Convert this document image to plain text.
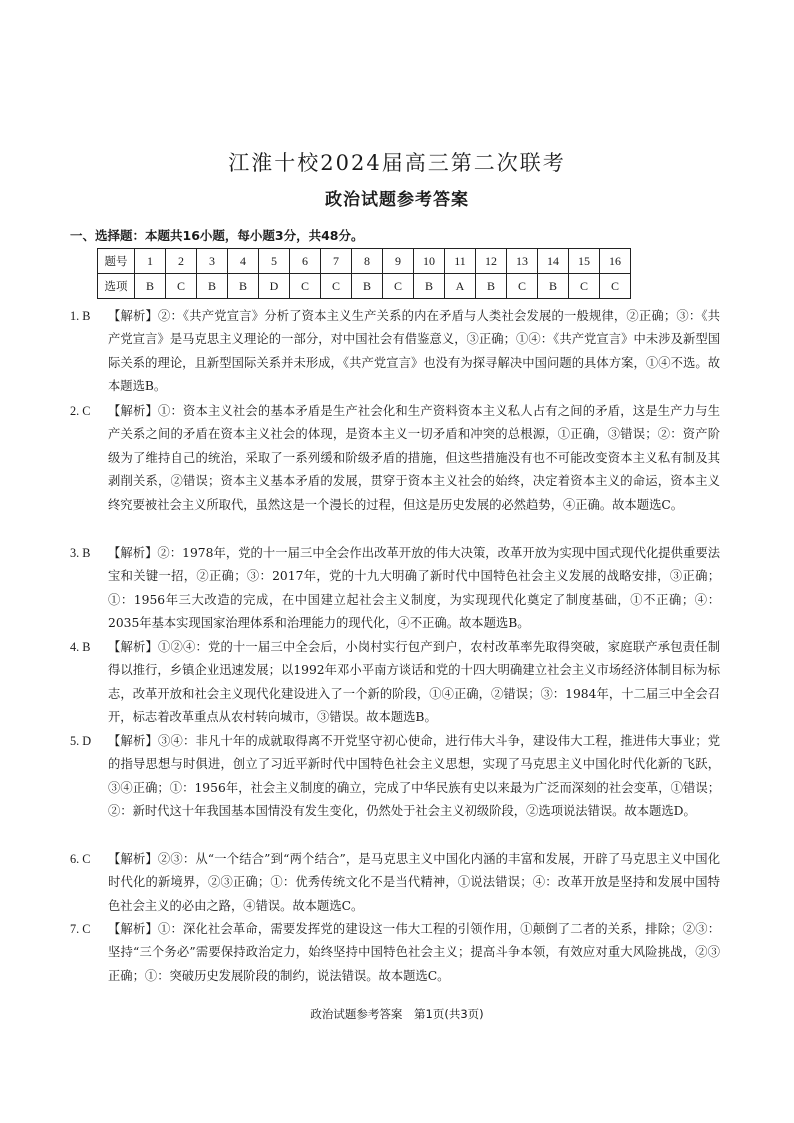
江淮十校2024届高三第二次联考
政治试题参考答案
一、选择题：本题共16小题，每小题3分，共48分。
题号	1	2	3	4	5	6	7	8	9	10	11	12	13	14	15	16
选项	B	C	B	B	D	C	C	B	C	B	A	B	C	B	C	C
1. B	【解析】②：《共产党宣言》分析了资本主义生产关系的内在矛盾与人类社会发展的一般规律，②正确；③：《共产党宣言》是马克思主义理论的一部分，对中国社会有借鉴意义，③正确；①④：《共产党宣言》中未涉及新型国际关系的理论，且新型国际关系并未形成，《共产党宣言》也没有为探寻解决中国问题的具体方案，①④不选。故本题选B。
2. C	【解析】①：资本主义社会的基本矛盾是生产社会化和生产资料资本主义私人占有之间的矛盾，这是生产力与生产关系之间的矛盾在资本主义社会的体现，是资本主义一切矛盾和冲突的总根源，①正确，③错误；②：资产阶级为了维持自己的统治，采取了一系列缓和阶级矛盾的措施，但这些措施没有也不可能改变资本主义私有制及其剥削关系，②错误；资本主义基本矛盾的发展，贯穿于资本主义社会的始终，决定着资本主义的命运，资本主义终究要被社会主义所取代，虽然这是一个漫长的过程，但这是历史发展的必然趋势，④正确。故本题选C。
3. B	【解析】②：1978年，党的十一届三中全会作出改革开放的伟大决策，改革开放为实现中国式现代化提供重要法宝和关键一招，②正确；③：2017年，党的十九大明确了新时代中国特色社会主义发展的战略安排，③正确；①：1956年三大改造的完成，在中国建立起社会主义制度，为实现现代化奠定了制度基础，①不正确；④：2035年基本实现国家治理体系和治理能力的现代化，④不正确。故本题选B。
4. B	【解析】①②④：党的十一届三中全会后，小岗村实行包产到户，农村改革率先取得突破，家庭联产承包责任制得以推行，乡镇企业迅速发展；以1992年邓小平南方谈话和党的十四大明确建立社会主义市场经济体制目标为标志，改革开放和社会主义现代化建设进入了一个新的阶段，①④正确，②错误；③：1984年，十二届三中全会召开，标志着改革重点从农村转向城市，③错误。故本题选B。
5. D	【解析】③④：非凡十年的成就取得离不开党坚守初心使命，进行伟大斗争，建设伟大工程，推进伟大事业；党的指导思想与时俱进，创立了习近平新时代中国特色社会主义思想，实现了马克思主义中国化时代化新的飞跃，③④正确；①：1956年，社会主义制度的确立，完成了中华民族有史以来最为广泛而深刻的社会变革，①错误；②：新时代这十年我国基本国情没有发生变化，仍然处于社会主义初级阶段，②选项说法错误。故本题选D。
6. C	【解析】②③：从“一个结合”到“两个结合”，是马克思主义中国化内涵的丰富和发展，开辟了马克思主义中国化时代化的新境界，②③正确；①：优秀传统文化不是当代精神，①说法错误；④：改革开放是坚持和发展中国特色社会主义的必由之路，④错误。故本题选C。
7. C	【解析】①：深化社会革命，需要发挥党的建设这一伟大工程的引领作用，①颠倒了二者的关系，排除；②③：坚持“三个务必”需要保持政治定力，始终坚持中国特色社会主义；提高斗争本领，有效应对重大风险挑战，②③正确；①：突破历史发展阶段的制约，说法错误。故本题选C。
政治试题参考答案 第1页(共3页)
